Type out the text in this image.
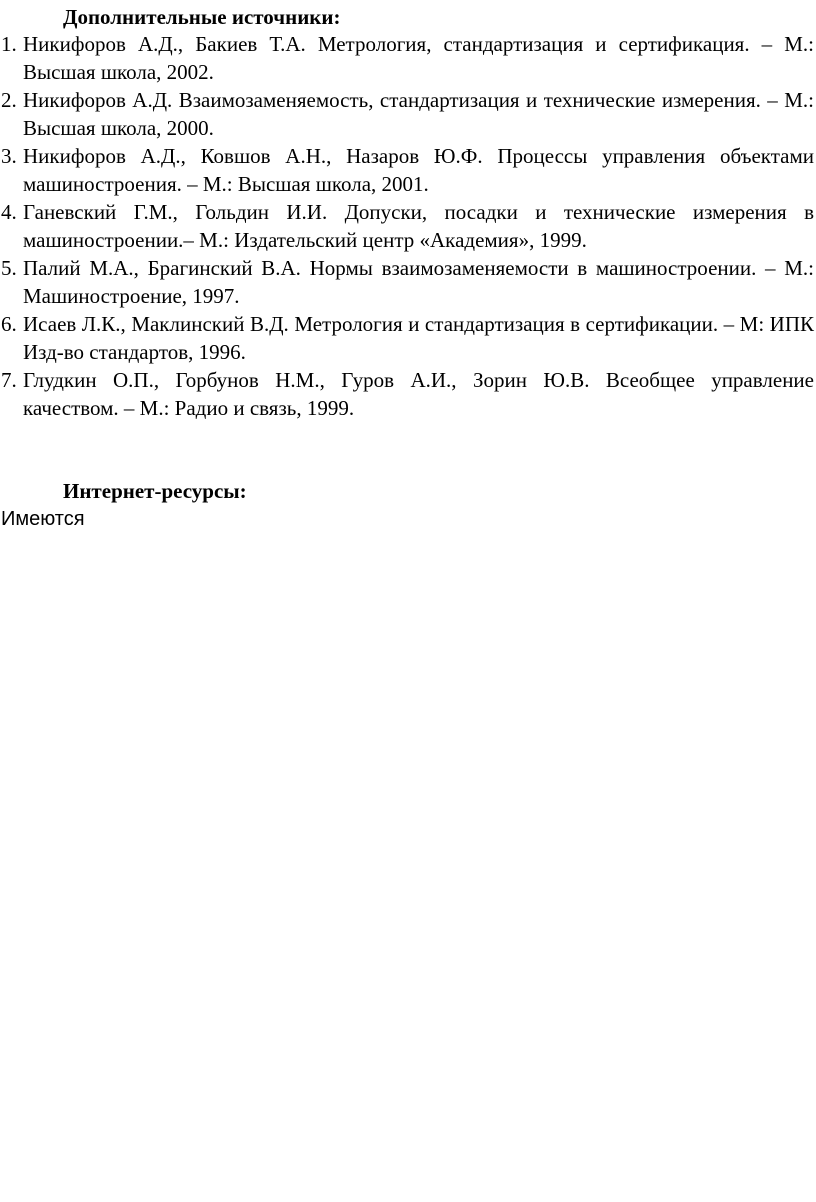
Дополнительные источники:
1. Никифоров А.Д., Бакиев Т.А. Метрология, стандартизация и сертификация. – М.: Высшая школа, 2002.
2. Никифоров А.Д. Взаимозаменяемость, стандартизация и технические измерения. – М.: Высшая школа, 2000.
3. Никифоров А.Д., Ковшов А.Н., Назаров Ю.Ф. Процессы управления объектами машиностроения. – М.: Высшая школа, 2001.
4. Ганевский Г.М., Гольдин И.И. Допуски, посадки и технические измерения в машиностроении.– М.: Издательский центр «Академия», 1999.
5. Палий М.А., Брагинский В.А. Нормы взаимозаменяемости в машиностроении. – М.: Машиностроение, 1997.
6. Исаев Л.К., Маклинский В.Д. Метрология и стандартизация в сертификации. – М: ИПК Изд-во стандартов, 1996.
7. Глудкин О.П., Горбунов Н.М., Гуров А.И., Зорин Ю.В. Всеобщее управление качеством. – М.: Радио и связь, 1999.
Интернет-ресурсы:

Имеются
